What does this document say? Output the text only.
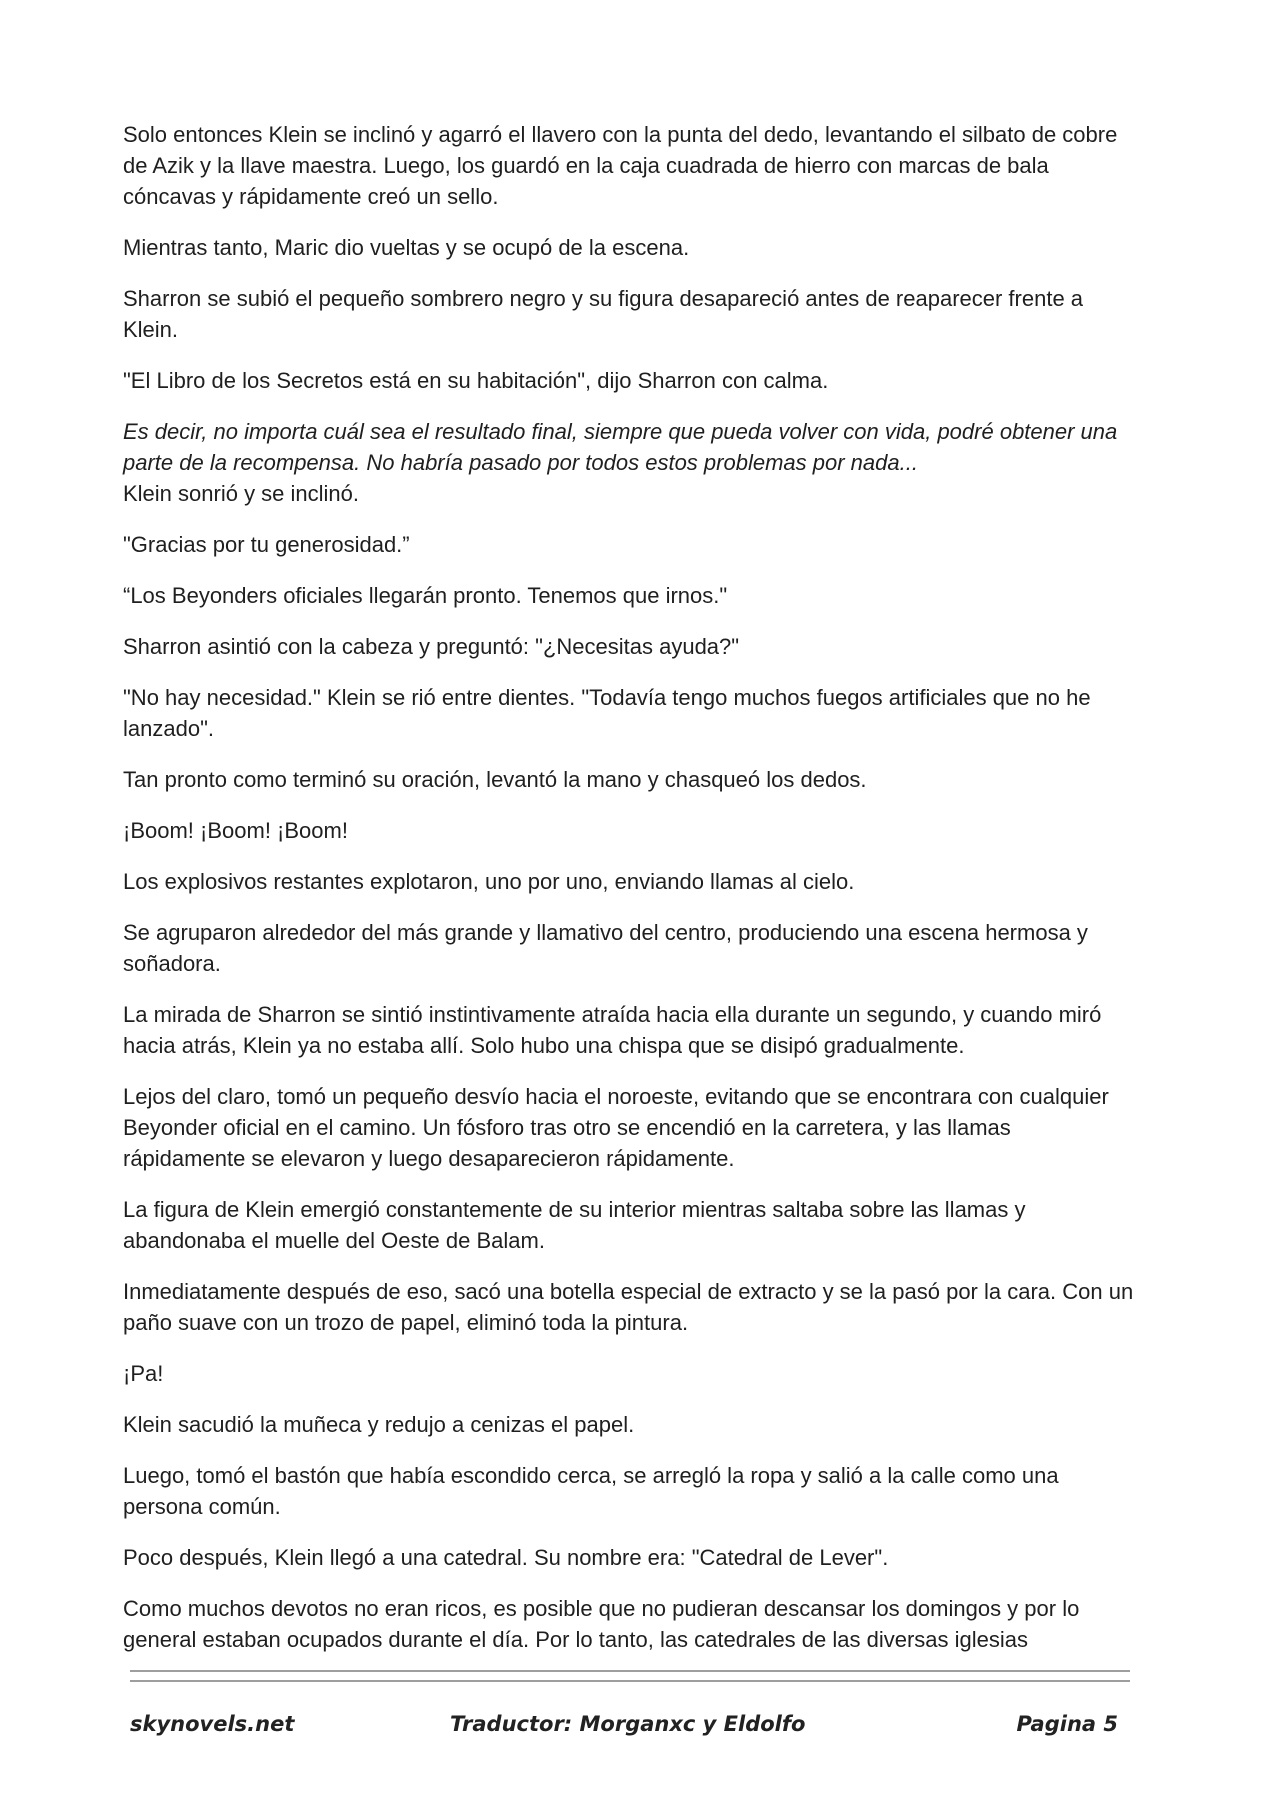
Solo entonces Klein se inclinó y agarró el llavero con la punta del dedo, levantando el silbato de cobre de Azik y la llave maestra. Luego, los guardó en la caja cuadrada de hierro con marcas de bala cóncavas y rápidamente creó un sello.

Mientras tanto, Maric dio vueltas y se ocupó de la escena.

Sharron se subió el pequeño sombrero negro y su figura desapareció antes de reaparecer frente a Klein.

"El Libro de los Secretos está en su habitación", dijo Sharron con calma.

Es decir, no importa cuál sea el resultado final, siempre que pueda volver con vida, podré obtener una parte de la recompensa. No habría pasado por todos estos problemas por nada...
Klein sonrió y se inclinó.

"Gracias por tu generosidad.”

“Los Beyonders oficiales llegarán pronto. Tenemos que irnos."

Sharron asintió con la cabeza y preguntó: "¿Necesitas ayuda?"

"No hay necesidad." Klein se rió entre dientes. "Todavía tengo muchos fuegos artificiales que no he lanzado".

Tan pronto como terminó su oración, levantó la mano y chasqueó los dedos.

¡Boom! ¡Boom! ¡Boom!

Los explosivos restantes explotaron, uno por uno, enviando llamas al cielo.

Se agruparon alrededor del más grande y llamativo del centro, produciendo una escena hermosa y soñadora.

La mirada de Sharron se sintió instintivamente atraída hacia ella durante un segundo, y cuando miró hacia atrás, Klein ya no estaba allí. Solo hubo una chispa que se disipó gradualmente.

Lejos del claro, tomó un pequeño desvío hacia el noroeste, evitando que se encontrara con cualquier Beyonder oficial en el camino. Un fósforo tras otro se encendió en la carretera, y las llamas rápidamente se elevaron y luego desaparecieron rápidamente.

La figura de Klein emergió constantemente de su interior mientras saltaba sobre las llamas y abandonaba el muelle del Oeste de Balam.

Inmediatamente después de eso, sacó una botella especial de extracto y se la pasó por la cara. Con un paño suave con un trozo de papel, eliminó toda la pintura.

¡Pa!

Klein sacudió la muñeca y redujo a cenizas el papel.

Luego, tomó el bastón que había escondido cerca, se arregló la ropa y salió a la calle como una persona común.

Poco después, Klein llegó a una catedral. Su nombre era: "Catedral de Lever".

Como muchos devotos no eran ricos, es posible que no pudieran descansar los domingos y por lo general estaban ocupados durante el día. Por lo tanto, las catedrales de las diversas iglesias

skynovels.net	Traductor: Morganxc y Eldolfo	Pagina 5
